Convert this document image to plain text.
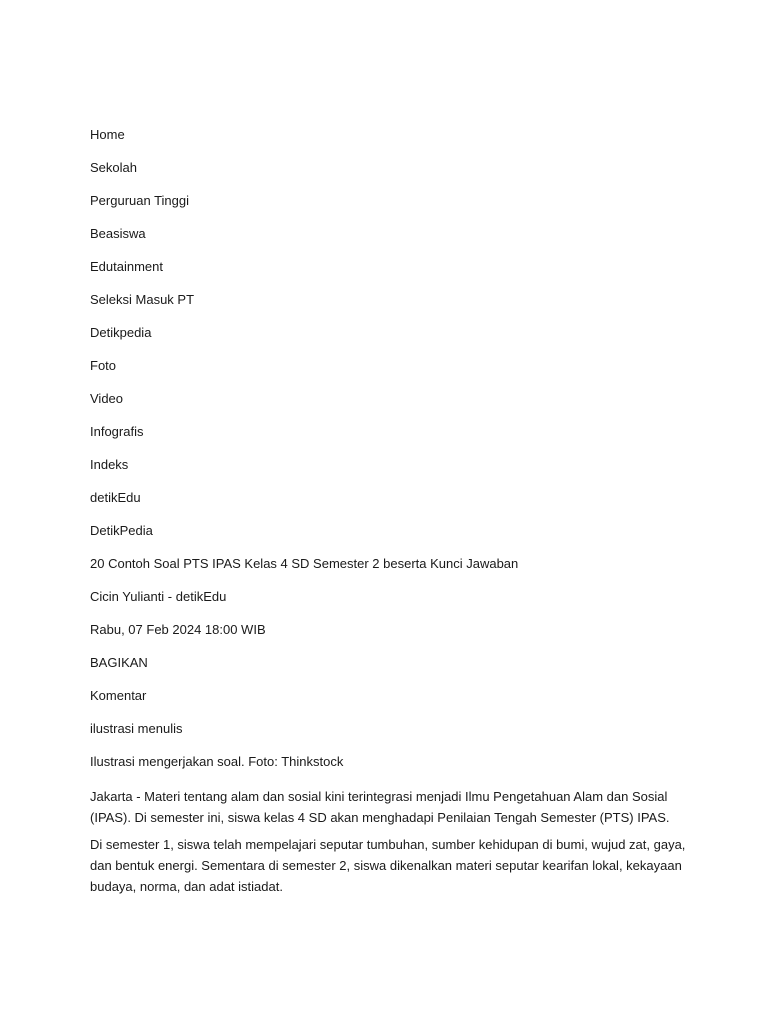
Home
Sekolah
Perguruan Tinggi
Beasiswa
Edutainment
Seleksi Masuk PT
Detikpedia
Foto
Video
Infografis
Indeks
detikEdu
DetikPedia
20 Contoh Soal PTS IPAS Kelas 4 SD Semester 2 beserta Kunci Jawaban
Cicin Yulianti - detikEdu
Rabu, 07 Feb 2024 18:00 WIB
BAGIKAN
Komentar
ilustrasi menulis
Ilustrasi mengerjakan soal. Foto: Thinkstock

Jakarta - Materi tentang alam dan sosial kini terintegrasi menjadi Ilmu Pengetahuan Alam dan Sosial (IPAS). Di semester ini, siswa kelas 4 SD akan menghadapi Penilaian Tengah Semester (PTS) IPAS.

Di semester 1, siswa telah mempelajari seputar tumbuhan, sumber kehidupan di bumi, wujud zat, gaya, dan bentuk energi. Sementara di semester 2, siswa dikenalkan materi seputar kearifan lokal, kekayaan budaya, norma, dan adat istiadat.
